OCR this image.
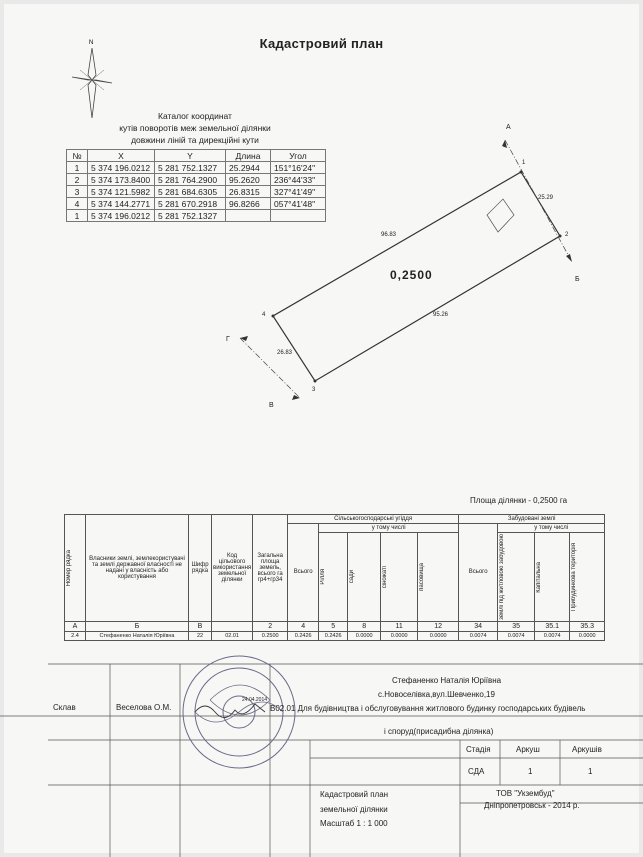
Кадастровий план
N
1
2
3
4
25.29
95.26
26.83
96.83
А
Б
В
Г
0,2500
Каталог координат
кутів поворотів меж земельної ділянки
довжини ліній та дирекційні кути
№	X	Y	Длина	Угол
1	5 374 196.0212	5 281 752.1327	25.2944	151°16'24"
2	5 374 173.8400	5 281 764.2900	95.2620	236°44'33"
3	5 374 121.5982	5 281 684.6305	26.8315	327°41'49"
4	5 374 144.2771	5 281 670.2918	96.8266	057°41'48"
1	5 374 196.0212	5 281 752.1327		
Площа ділянки - 0,2500 га
Номер рядка	Власники землі, землекористувачі та землі державної власності не надані у власність або користування	Шифр рядка	Код цільового використання земельної ділянки	Загальна площа земель, всього га гр4+гр34	Сільськогосподарські угіддя					Забудовані землі			
					Всього	у тому числі				Всього	у тому числі		

						Рілля	сади	сіножаті	пасовища		землі під житловою забудовою	Капітальна	Прибудинкова територія

А	Б	В		2	4	5	8	11	12	34	35	35.1	35.3
2.4	Стефаненко Наталія Юріївна	22	02.01	0.2500	0.2426	0.2426	0.0000	0.0000	0.0000	0.0074	0.0074	0.0074	0.0000
Стефаненко Наталія Юріївна
с.Новоселівка,вул.Шевченко,19
В02.01 Для будівництва і обслуговування житлового будинку господарських будівель
і споруд(присадибна ділянка)
Склав	Веселова О.М.
24.04.2014
Стадія	Аркуш	Аркушів
СДА	1	1
Кадастровий план
земельної ділянки
Масштаб 1 : 1 000
ТОВ "Укзембуд"
Дніпропетровськ - 2014 р.
